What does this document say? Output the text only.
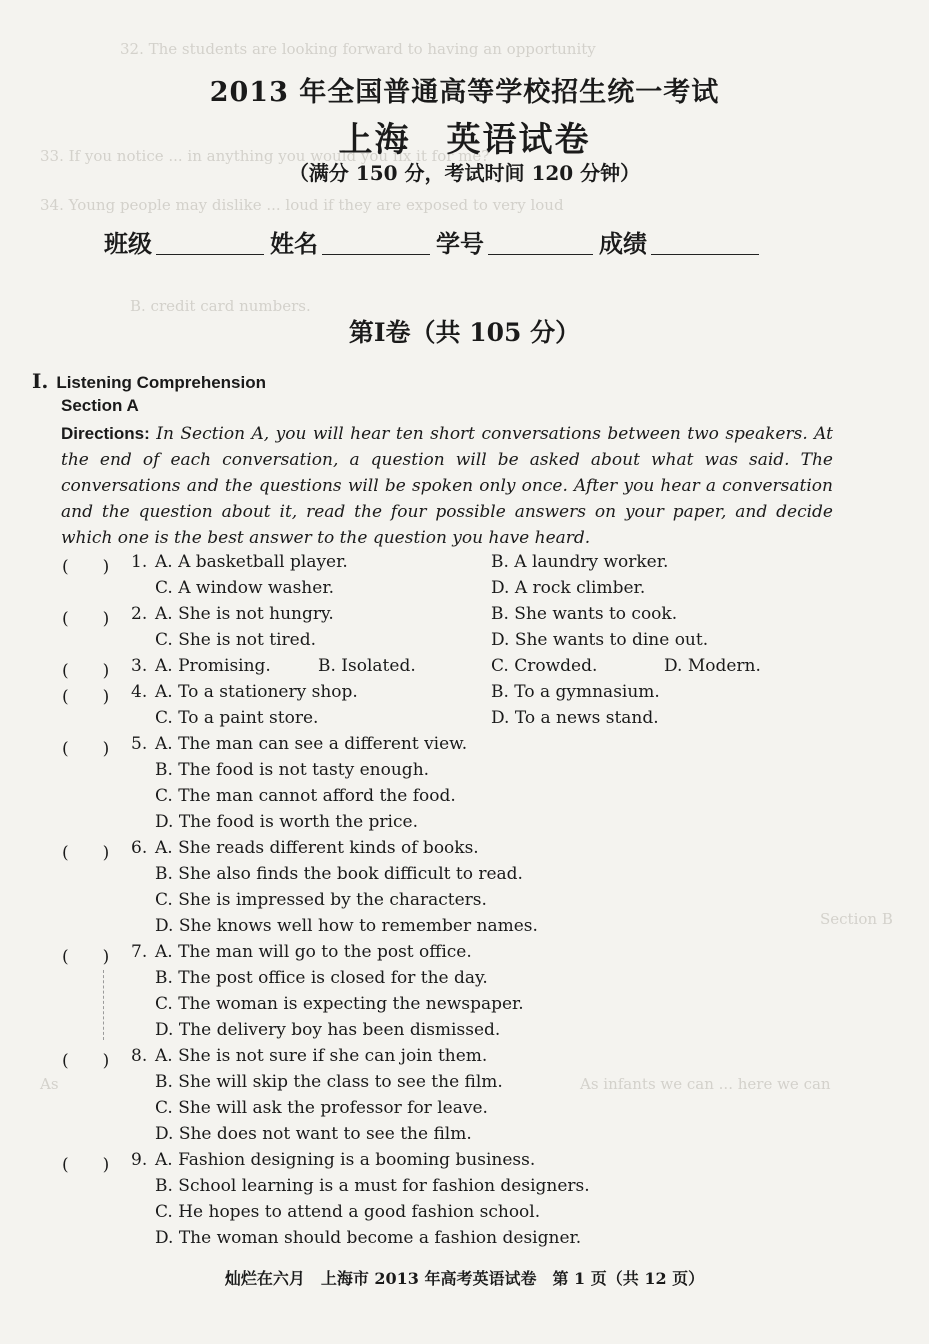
32. The students are looking forward to having an opportunity
33. If you notice ... in anything you would you fix it for me?
34. Young people may dislike ... loud if they are exposed to very loud
B. credit card numbers.
As	As infants we can ... here we can
Section B
2013 年全国普通高等学校招生统一考试
上海　英语试卷
（满分 150 分，考试时间 120 分钟）
班级	姓名	学号	成绩
第Ⅰ卷（共 105 分）
Ⅰ. Listening Comprehension
Section A
Directions: In Section A, you will hear ten short conversations between two speakers. At the end of each conversation, a question will be asked about what was said. The conversations and the questions will be spoken only once. After you hear a conversation and the question about it, read the four possible answers on your paper, and decide which one is the best answer to the question you have heard.
(　　) 1. A. A basketball player.	B. A laundry worker.
C. A window washer.	D. A rock climber.
(　　) 2. A. She is not hungry.	B. She wants to cook.
C. She is not tired.	D. She wants to dine out.
(　　) 3. A. Promising.	B. Isolated.	C. Crowded.	D. Modern.
(　　) 4. A. To a stationery shop.	B. To a gymnasium.
C. To a paint store.	D. To a news stand.
(　　) 5. A. The man can see a different view.
B. The food is not tasty enough.
C. The man cannot afford the food.
D. The food is worth the price.
(　　) 6. A. She reads different kinds of books.
B. She also finds the book difficult to read.
C. She is impressed by the characters.
D. She knows well how to remember names.
(　　) 7. A. The man will go to the post office.
B. The post office is closed for the day.
C. The woman is expecting the newspaper.
D. The delivery boy has been dismissed.
(　　) 8. A. She is not sure if she can join them.
B. She will skip the class to see the film.
C. She will ask the professor for leave.
D. She does not want to see the film.
(　　) 9. A. Fashion designing is a booming business.
B. School learning is a must for fashion designers.
C. He hopes to attend a good fashion school.
D. The woman should become a fashion designer.
灿烂在六月　上海市 2013 年高考英语试卷　第 1 页（共 12 页）
